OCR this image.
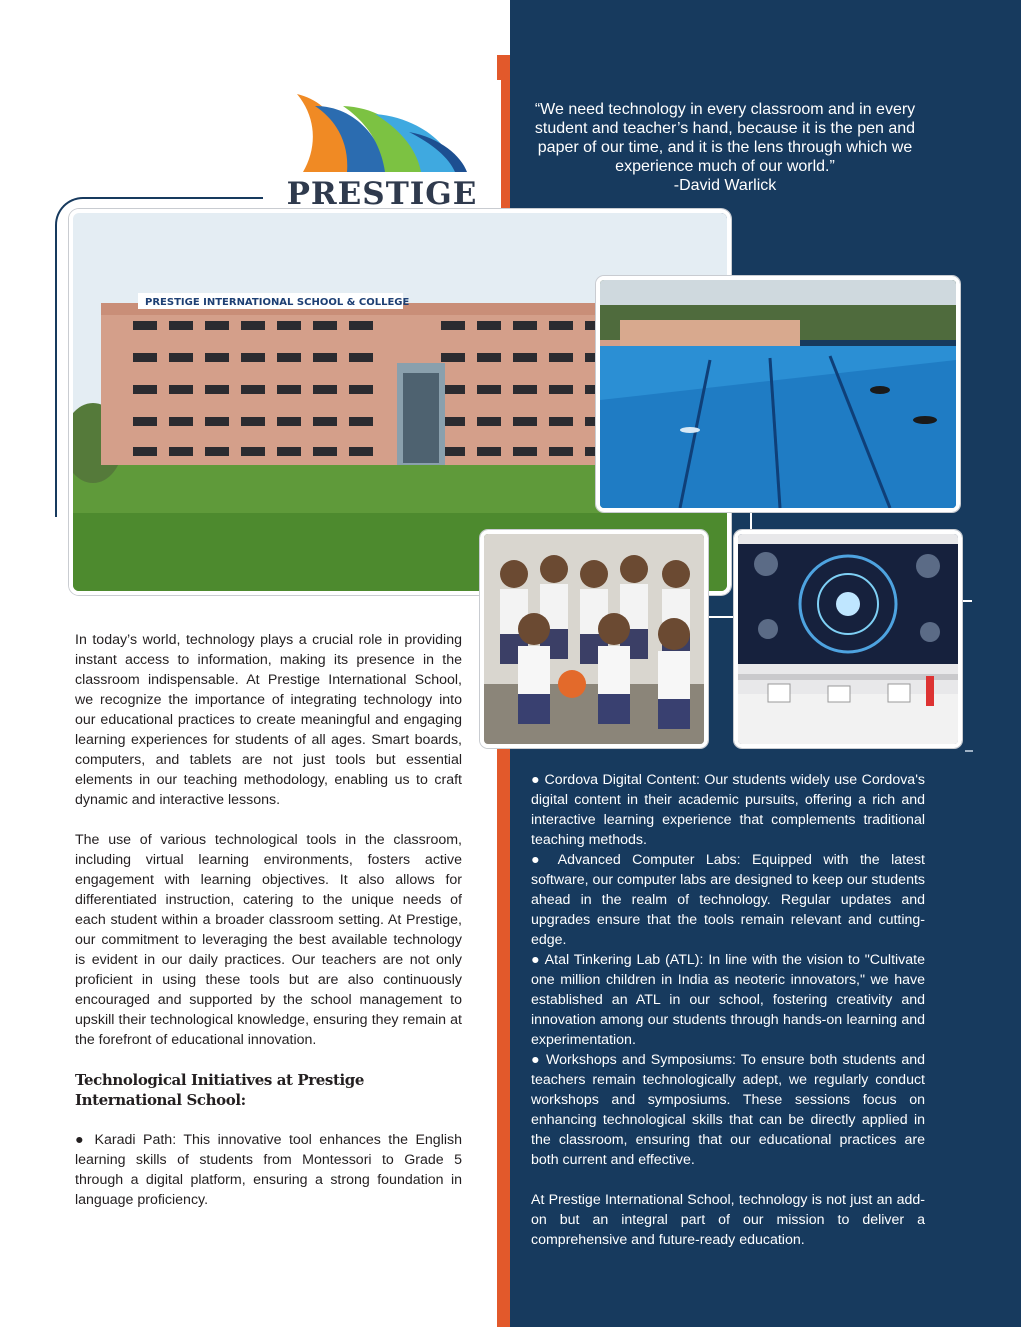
PRESTIGE
“We need technology in every classroom and in every student and teacher’s hand, because it is the pen and paper of our time, and it is the lens through which we experience much of our world.”
-David Warlick
PRESTIGE INTERNATIONAL SCHOOL & COLLEGE

In today’s world, technology plays a crucial role in providing instant access to information, making its presence in the classroom indispensable. At Prestige International School, we recognize the importance of integrating technology into our educational practices to create meaningful and engaging learning experiences for students of all ages. Smart boards, computers, and tablets are not just tools but essential elements in our teaching methodology, enabling us to craft dynamic and interactive lessons.

The use of various technological tools in the classroom, including virtual learning environments, fosters active engagement with learning objectives. It also allows for differentiated instruction, catering to the unique needs of each student within a broader classroom setting. At Prestige, our commitment to leveraging the best available technology is evident in our daily practices. Our teachers are not only proficient in using these tools but are also continuously encouraged and supported by the school management to upskill their technological knowledge, ensuring they remain at the forefront of educational innovation.

Technological Initiatives at Prestige International School:

● Karadi Path: This innovative tool enhances the English learning skills of students from Montessori to Grade 5 through a digital platform, ensuring a strong foundation in language proficiency.

● Cordova Digital Content: Our students widely use Cordova's digital content in their academic pursuits, offering a rich and interactive learning experience that complements traditional teaching methods.
● Advanced Computer Labs: Equipped with the latest software, our computer labs are designed to keep our students ahead in the realm of technology. Regular updates and upgrades ensure that the tools remain relevant and cutting-edge.
● Atal Tinkering Lab (ATL): In line with the vision to "Cultivate one million children in India as neoteric innovators," we have established an ATL in our school, fostering creativity and innovation among our students through hands-on learning and experimentation.
● Workshops and Symposiums: To ensure both students and teachers remain technologically adept, we regularly conduct workshops and symposiums. These sessions focus on enhancing technological skills that can be directly applied in the classroom, ensuring that our educational practices are both current and effective.
At Prestige International School, technology is not just an add-on but an integral part of our mission to deliver a comprehensive and future-ready education.
